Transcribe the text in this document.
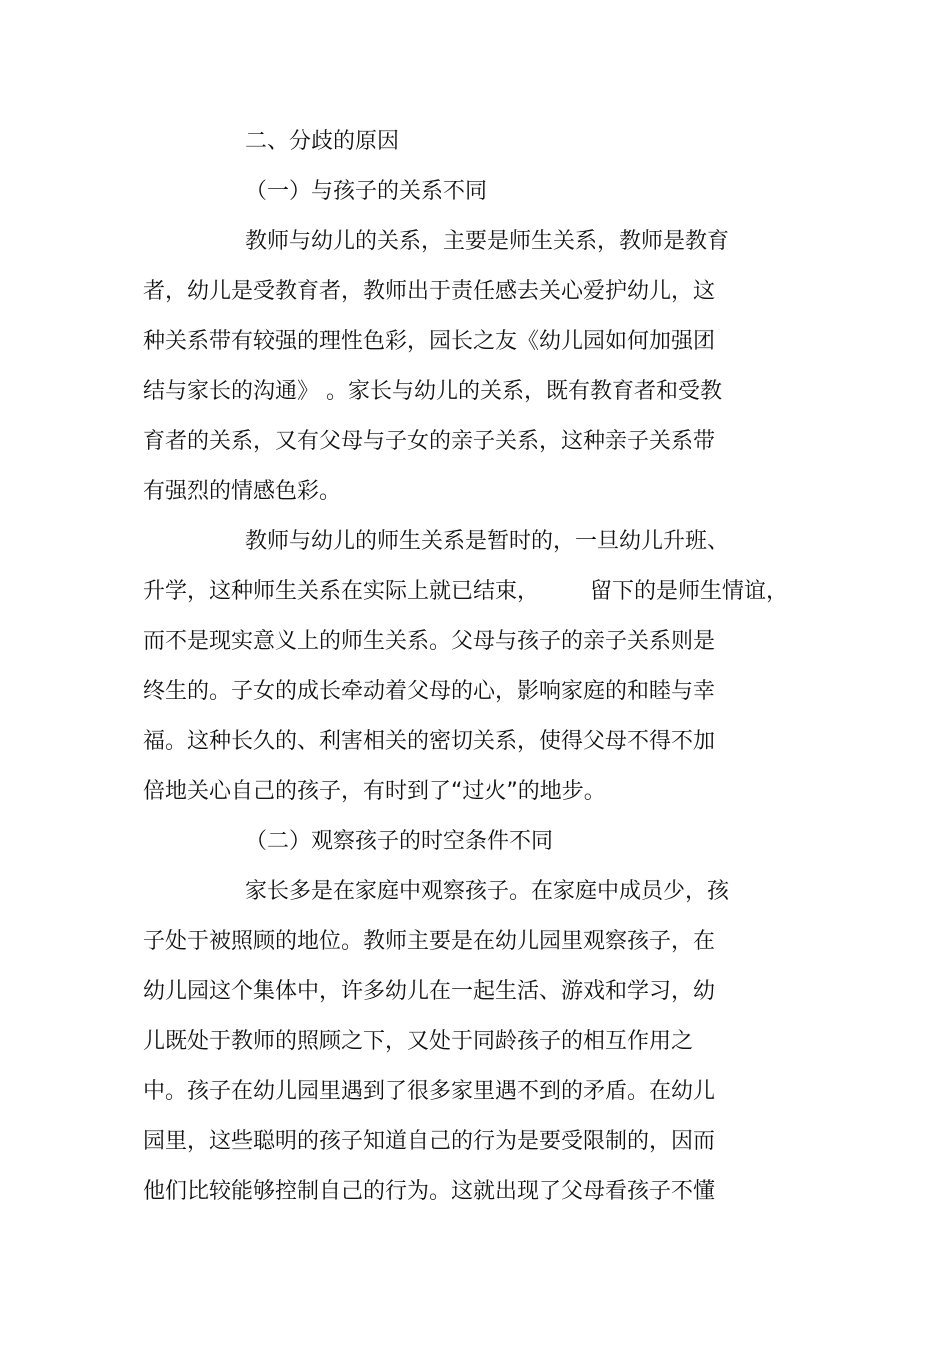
二、分歧的原因
（一）与孩子的关系不同
教师与幼儿的关系，主要是师生关系，教师是教育
者，幼儿是受教育者，教师出于责任感去关心爱护幼儿，这
种关系带有较强的理性色彩，园长之友《幼儿园如何加强团
结与家长的沟通》 。家长与幼儿的关系，既有教育者和受教
育者的关系，又有父母与子女的亲子关系，这种亲子关系带
有强烈的情感色彩。
教师与幼儿的师生关系是暂时的，一旦幼儿升班、
升学，这种师生关系在实际上就已结束， 留下的是师生情谊，
而不是现实意义上的师生关系。父母与孩子的亲子关系则是
终生的。子女的成长牵动着父母的心，影响家庭的和睦与幸
福。这种长久的、利害相关的密切关系，使得父母不得不加
倍地关心自己的孩子，有时到了“过火”的地步。
（二）观察孩子的时空条件不同
家长多是在家庭中观察孩子。在家庭中成员少，孩
子处于被照顾的地位。教师主要是在幼儿园里观察孩子，在
幼儿园这个集体中，许多幼儿在一起生活、游戏和学习，幼
儿既处于教师的照顾之下，又处于同龄孩子的相互作用之
中。孩子在幼儿园里遇到了很多家里遇不到的矛盾。在幼儿
园里，这些聪明的孩子知道自己的行为是要受限制的，因而
他们比较能够控制自己的行为。这就出现了父母看孩子不懂
